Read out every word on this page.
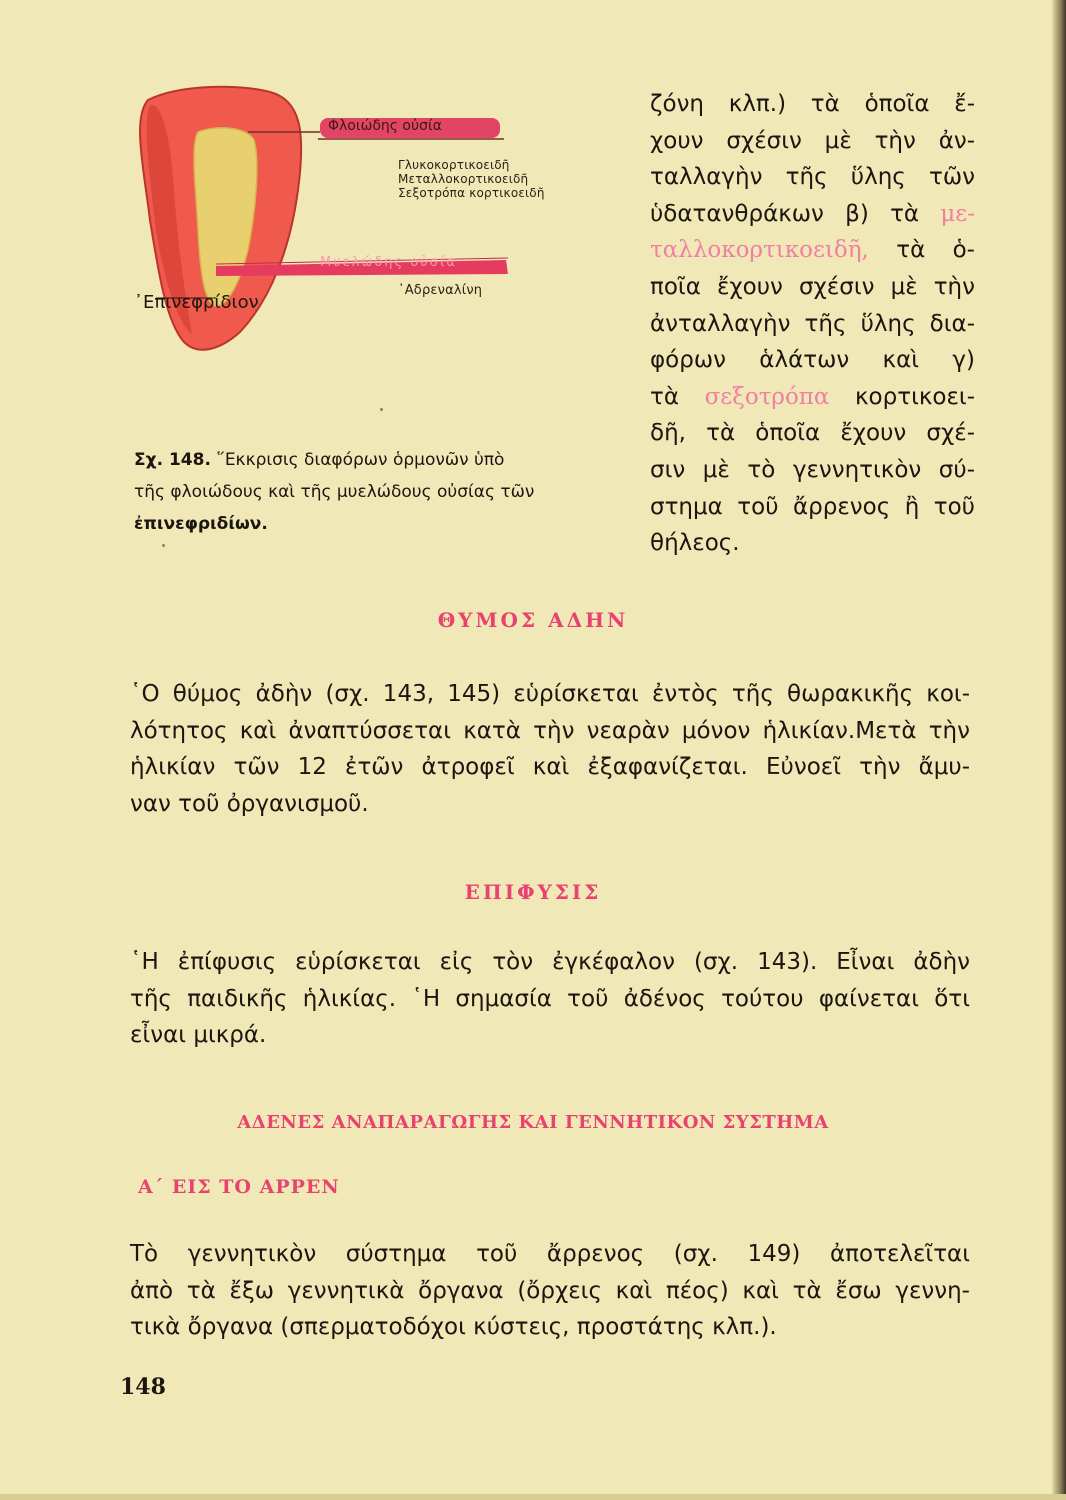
Φλοιώδης οὐσία
Γλυκοκορτικοειδῆ
Μεταλλοκορτικοειδῆ
Σεξοτρόπα κορτικοειδῆ
Μυελώδης οὐσία
᾿Αδρεναλίνη
᾿Επινεφρίδιον
Σχ. 148. ῞Εκκρισις διαφόρων ὁρμονῶν ὑπὸ
τῆς φλοιώδους καὶ τῆς μυελώδους οὐσίας τῶν
ἐπινεφριδίων.
ζόνη κλπ.) τὰ ὁποῖα ἔ-
χουν σχέσιν μὲ τὴν ἀν-
ταλλαγὴν τῆς ὕλης τῶν
ὑδατανθράκων β) τὰ με-
ταλλοκορτικοειδῆ, τὰ ὁ-
ποῖα ἔχουν σχέσιν μὲ τὴν
ἀνταλλαγὴν τῆς ὕλης δια-
φόρων ἁλάτων καὶ γ)
τὰ σεξοτρόπα κορτικοει-
δῆ, τὰ ὁποῖα ἔχουν σχέ-
σιν μὲ τὸ γεννητικὸν σύ-
στημα τοῦ ἄρρενος ἢ τοῦ
θήλεος.
ΘΥΜΟΣ ΑΔΗΝ
῾Ο θύμος ἀδὴν (σχ. 143, 145) εὑρίσκεται ἐντὸς τῆς θωρακικῆς κοι-
λότητος καὶ ἀναπτύσσεται κατὰ τὴν νεαρὰν μόνον ἡλικίαν.Μετὰ τὴν
ἡλικίαν τῶν 12 ἐτῶν ἀτροφεῖ καὶ ἐξαφανίζεται. Εὐνοεῖ τὴν ἄμυ-
ναν τοῦ ὀργανισμοῦ.
ΕΠΙΦΥΣΙΣ
῾Η ἐπίφυσις εὑρίσκεται εἰς τὸν ἐγκέφαλον (σχ. 143). Εἶναι ἀδὴν
τῆς παιδικῆς ἡλικίας. ῾Η σημασία τοῦ ἀδένος τούτου φαίνεται ὅτι
εἶναι μικρά.
ΑΔΕΝΕΣ ΑΝΑΠΑΡΑΓΩΓΗΣ ΚΑΙ ΓΕΝΝΗΤΙΚΟΝ ΣΥΣΤΗΜΑ
Α΄ ΕΙΣ ΤΟ ΑΡΡΕΝ
Τὸ γεννητικὸν σύστημα τοῦ ἄρρενος (σχ. 149) ἀποτελεῖται
ἀπὸ τὰ ἔξω γεννητικὰ ὄργανα (ὄρχεις καὶ πέος) καὶ τὰ ἔσω γεννη-
τικὰ ὄργανα (σπερματοδόχοι κύστεις, προστάτης κλπ.).
148
